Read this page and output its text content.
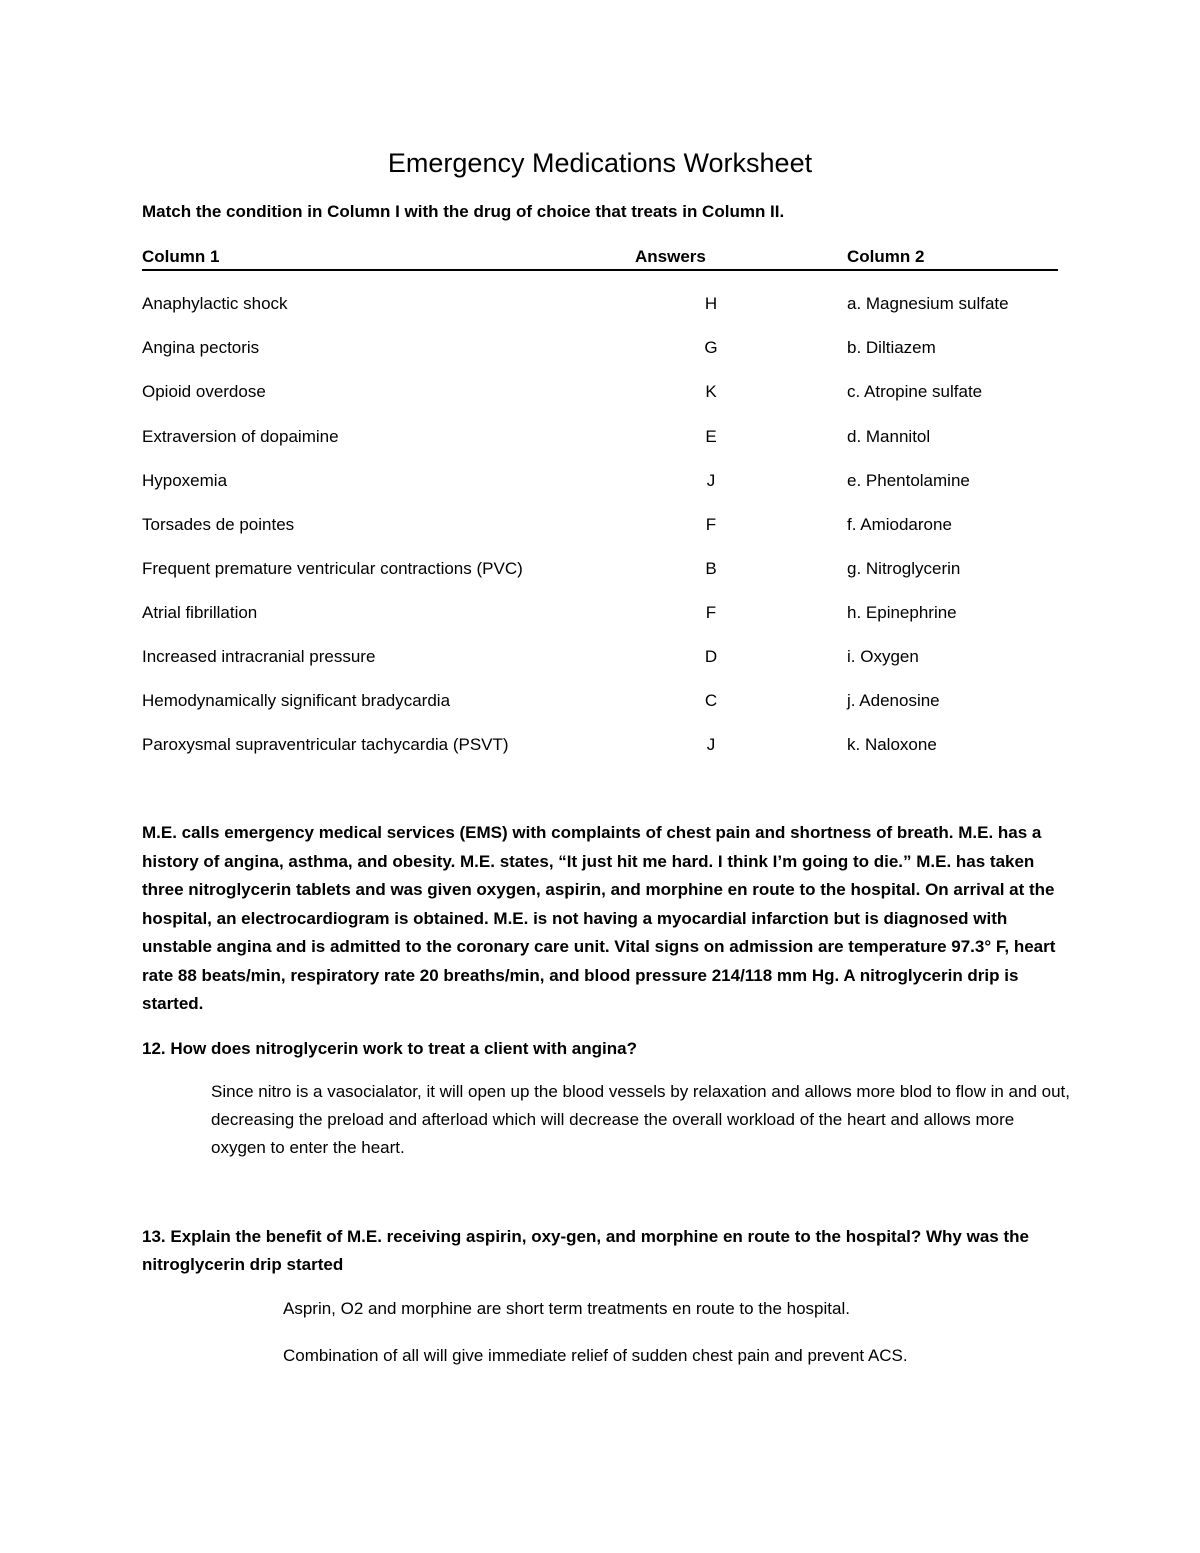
Emergency Medications Worksheet
Match the condition in Column I with the drug of choice that treats in Column II.
Column 1	Answers	Column 2
Anaphylactic shock	H	a. Magnesium sulfate
Angina pectoris	G	b. Diltiazem
Opioid overdose	K	c. Atropine sulfate
Extraversion of dopaimine	E	d. Mannitol
Hypoxemia	J	e. Phentolamine
Torsades de pointes	F	f. Amiodarone
Frequent premature ventricular contractions (PVC)	B	g. Nitroglycerin
Atrial fibrillation	F	h. Epinephrine
Increased intracranial pressure	D	i. Oxygen
Hemodynamically significant bradycardia	C	j. Adenosine
Paroxysmal supraventricular tachycardia (PSVT)	J	k. Naloxone
M.E. calls emergency medical services (EMS) with complaints of chest pain and shortness of breath. M.E. has a history of angina, asthma, and obesity. M.E. states, “It just hit me hard. I think I’m going to die.” M.E. has taken three nitroglycerin tablets and was given oxygen, aspirin, and morphine en route to the hospital. On arrival at the hospital, an electrocardiogram is obtained. M.E. is not having a myocardial infarction but is diagnosed with unstable angina and is admitted to the coronary care unit. Vital signs on admission are temperature 97.3° F, heart rate 88 beats/min, respiratory rate 20 breaths/min, and blood pressure 214/118 mm Hg. A nitroglycerin drip is started.
12. How does nitroglycerin work to treat a client with angina?
Since nitro is a vasocialator, it will open up the blood vessels by relaxation and allows more blod to flow in and out, decreasing the preload and afterload which will decrease the overall workload of the heart and allows more oxygen to enter the heart.
13. Explain the benefit of M.E. receiving aspirin, oxy-gen, and morphine en route to the hospital? Why was the nitroglycerin drip started
Asprin, O2 and morphine are short term treatments en route to the hospital.
Combination of all will give immediate relief of sudden chest pain and prevent ACS.
